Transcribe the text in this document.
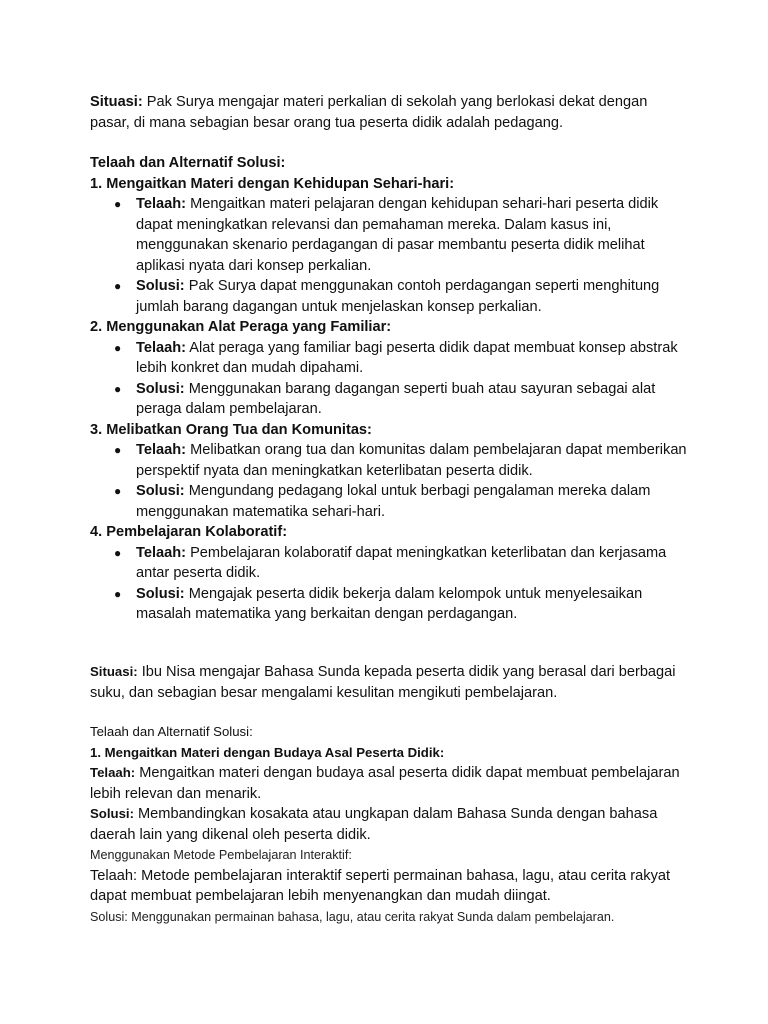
Situasi: Pak Surya mengajar materi perkalian di sekolah yang berlokasi dekat dengan pasar, di mana sebagian besar orang tua peserta didik adalah pedagang.

Telaah dan Alternatif Solusi:

1. Mengaitkan Materi dengan Kehidupan Sehari-hari:

● Telaah: Mengaitkan materi pelajaran dengan kehidupan sehari-hari peserta didik dapat meningkatkan relevansi dan pemahaman mereka. Dalam kasus ini, menggunakan skenario perdagangan di pasar membantu peserta didik melihat aplikasi nyata dari konsep perkalian.

● Solusi: Pak Surya dapat menggunakan contoh perdagangan seperti menghitung jumlah barang dagangan untuk menjelaskan konsep perkalian.

2. Menggunakan Alat Peraga yang Familiar:

● Telaah: Alat peraga yang familiar bagi peserta didik dapat membuat konsep abstrak lebih konkret dan mudah dipahami.

● Solusi: Menggunakan barang dagangan seperti buah atau sayuran sebagai alat peraga dalam pembelajaran.

3. Melibatkan Orang Tua dan Komunitas:

● Telaah: Melibatkan orang tua dan komunitas dalam pembelajaran dapat memberikan perspektif nyata dan meningkatkan keterlibatan peserta didik.

● Solusi: Mengundang pedagang lokal untuk berbagi pengalaman mereka dalam menggunakan matematika sehari-hari.

4. Pembelajaran Kolaboratif:

● Telaah: Pembelajaran kolaboratif dapat meningkatkan keterlibatan dan kerjasama antar peserta didik.

● Solusi: Mengajak peserta didik bekerja dalam kelompok untuk menyelesaikan masalah matematika yang berkaitan dengan perdagangan.

Situasi: Ibu Nisa mengajar Bahasa Sunda kepada peserta didik yang berasal dari berbagai suku, dan sebagian besar mengalami kesulitan mengikuti pembelajaran.

Telaah dan Alternatif Solusi:

1. Mengaitkan Materi dengan Budaya Asal Peserta Didik:

Telaah: Mengaitkan materi dengan budaya asal peserta didik dapat membuat pembelajaran lebih relevan dan menarik.

Solusi: Membandingkan kosakata atau ungkapan dalam Bahasa Sunda dengan bahasa daerah lain yang dikenal oleh peserta didik.

Menggunakan Metode Pembelajaran Interaktif:

Telaah: Metode pembelajaran interaktif seperti permainan bahasa, lagu, atau cerita rakyat dapat membuat pembelajaran lebih menyenangkan dan mudah diingat.

Solusi: Menggunakan permainan bahasa, lagu, atau cerita rakyat Sunda dalam pembelajaran.
